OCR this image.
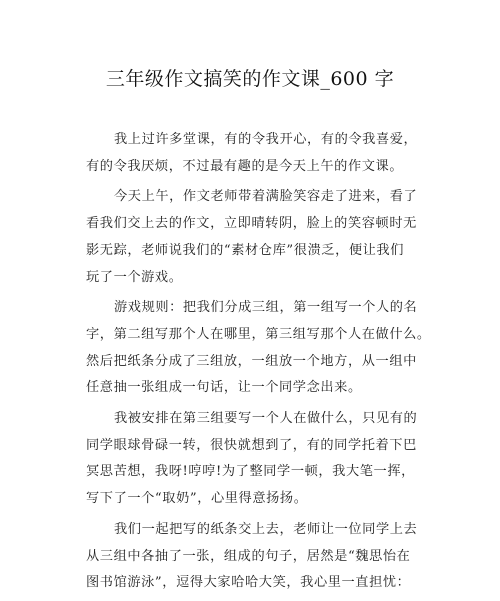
三年级作文搞笑的作文课_600 字

我上过许多堂课，有的令我开心，有的令我喜爱，
有的令我厌烦，不过最有趣的是今天上午的作文课。

今天上午，作文老师带着满脸笑容走了进来，看了
看我们交上去的作文，立即晴转阴，脸上的笑容顿时无
影无踪，老师说我们的“素材仓库”很溃乏，便让我们
玩了一个游戏。

游戏规则：把我们分成三组，第一组写一个人的名
字，第二组写那个人在哪里，第三组写那个人在做什么。
然后把纸条分成了三组放，一组放一个地方，从一组中
任意抽一张组成一句话，让一个同学念出来。

我被安排在第三组要写一个人在做什么，只见有的
同学眼球骨碌一转，很快就想到了，有的同学托着下巴
冥思苦想，我呀!哼哼!为了整同学一顿，我大笔一挥，
写下了一个“取奶”，心里得意扬扬。

我们一起把写的纸条交上去，老师让一位同学上去
从三组中各抽了一张，组成的句子，居然是“魏思怡在
图书馆游泳”，逗得大家哈哈大笑，我心里一直担忧：
